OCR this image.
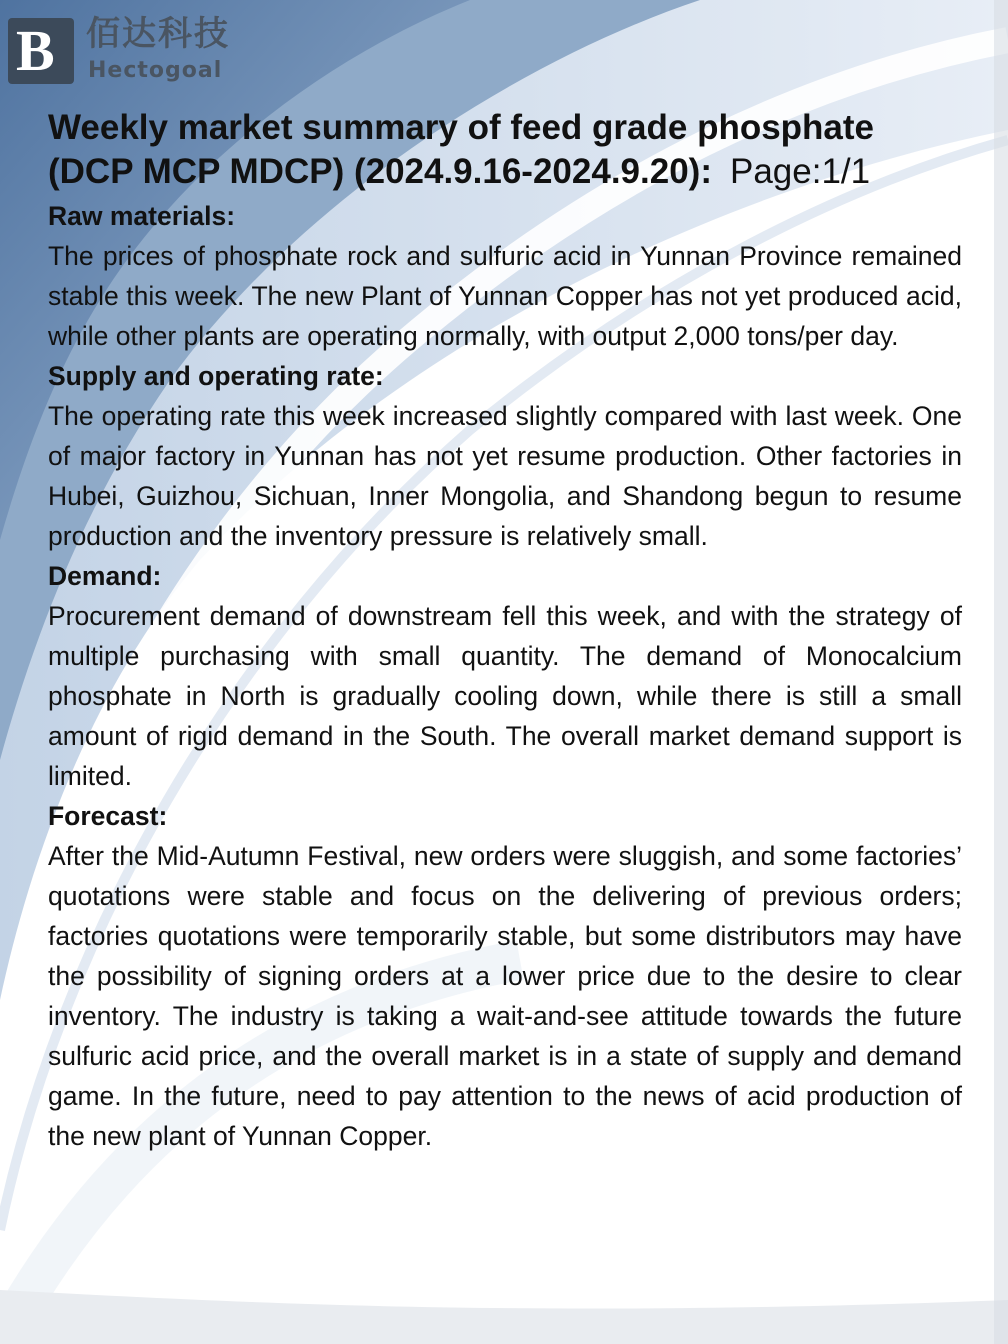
B 佰达科技
Hectogoal
Weekly market summary of feed grade phosphate (DCP MCP MDCP) (2024.9.16-2024.9.20): Page:1/1
Raw materials:

The prices of phosphate rock and sulfuric acid in Yunnan Province remained stable this week. The new Plant of Yunnan Copper has not yet produced acid, while other plants are operating normally, with output 2,000 tons/per day.

Supply and operating rate:

The operating rate this week increased slightly compared with last week. One of major factory in Yunnan has not yet resume production. Other factories in Hubei, Guizhou, Sichuan, Inner Mongolia, and Shandong begun to resume production and the inventory pressure is relatively small.

Demand:

Procurement demand of downstream fell this week, and with the strategy of multiple purchasing with small quantity. The demand of Monocalcium phosphate in North is gradually cooling down, while there is still a small amount of rigid demand in the South. The overall market demand support is limited.

Forecast:

After the Mid-Autumn Festival, new orders were sluggish, and some factories’ quotations were stable and focus on the delivering of previous orders; factories quotations were temporarily stable, but some distributors may have the possibility of signing orders at a lower price due to the desire to clear inventory. The industry is taking a wait-and-see attitude towards the future sulfuric acid price, and the overall market is in a state of supply and demand game. In the future, need to pay attention to the news of acid production of the new plant of Yunnan Copper.
